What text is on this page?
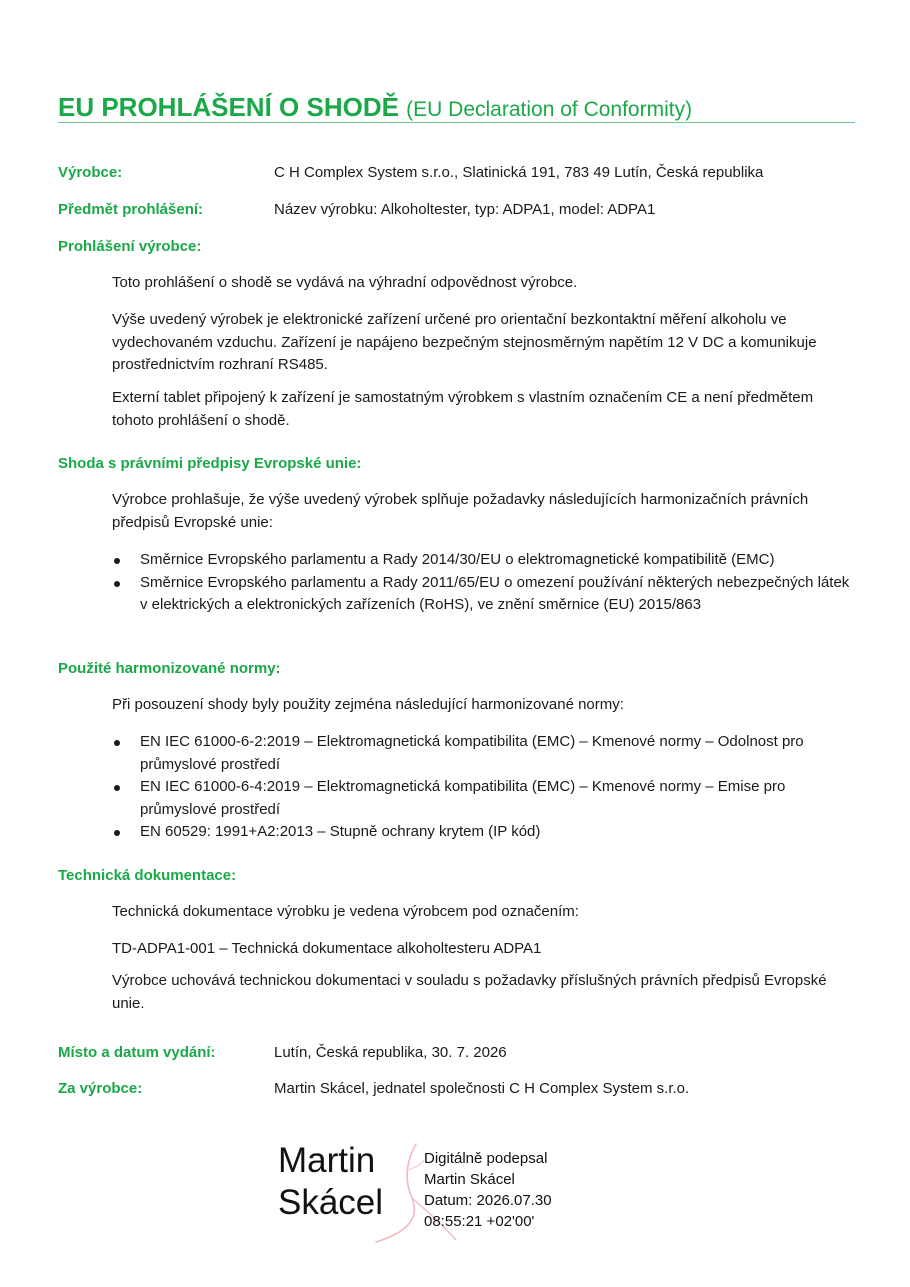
EU PROHLÁŠENÍ O SHODĚ (EU Declaration of Conformity)
Výrobce:	C H Complex System s.r.o., Slatinická 191, 783 49 Lutín, Česká republika
Předmět prohlášení:	Název výrobku: Alkoholtester, typ: ADPA1, model: ADPA1
Prohlášení výrobce:

Toto prohlášení o shodě se vydává na výhradní odpovědnost výrobce.

Výše uvedený výrobek je elektronické zařízení určené pro orientační bezkontaktní měření alkoholu ve vydechovaném vzduchu. Zařízení je napájeno bezpečným stejnosměrným napětím 12 V DC a komunikuje prostřednictvím rozhraní RS485.

Externí tablet připojený k zařízení je samostatným výrobkem s vlastním označením CE a není předmětem tohoto prohlášení o shodě.

Shoda s právními předpisy Evropské unie:

Výrobce prohlašuje, že výše uvedený výrobek splňuje požadavky následujících harmonizačních právních předpisů Evropské unie:

Směrnice Evropského parlamentu a Rady 2014/30/EU o elektromagnetické kompatibilitě (EMC)
Směrnice Evropského parlamentu a Rady 2011/65/EU o omezení používání některých nebezpečných látek v elektrických a elektronických zařízeních (RoHS), ve znění směrnice (EU) 2015/863
Použité harmonizované normy:

Při posouzení shody byly použity zejména následující harmonizované normy:

EN IEC 61000-6-2:2019 – Elektromagnetická kompatibilita (EMC) – Kmenové normy – Odolnost pro průmyslové prostředí
EN IEC 61000-6-4:2019 – Elektromagnetická kompatibilita (EMC) – Kmenové normy – Emise pro průmyslové prostředí
EN 60529: 1991+A2:2013 – Stupně ochrany krytem (IP kód)
Technická dokumentace:

Technická dokumentace výrobku je vedena výrobcem pod označením:

TD-ADPA1-001 – Technická dokumentace alkoholtesteru ADPA1

Výrobce uchovává technickou dokumentaci v souladu s požadavky příslušných právních předpisů Evropské unie.

Místo a datum vydání:	Lutín, Česká republika, 30. 7. 2026
Za výrobce:	Martin Skácel, jednatel společnosti C H Complex System s.r.o.
Martin
Skácel
Digitálně podepsal
Martin Skácel
Datum: 2026.07.30
08:55:21 +02'00'
